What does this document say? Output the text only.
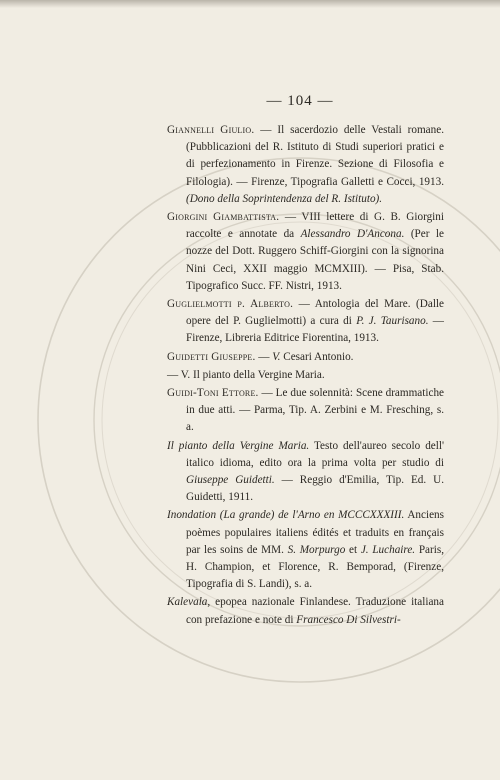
— 104 —

Giannelli Giulio. — Il sacerdozio delle Vestali romane. (Pubblicazioni del R. Istituto di Studi superiori pratici e di perfezionamento in Firenze. Sezione di Filosofia e Filologia). — Firenze, Tipografia Galletti e Cocci, 1913. (Dono della Soprintendenza del R. Istituto).

Giorgini Giambattista. — VIII lettere di G. B. Giorgini raccolte e annotate da Alessandro D'Ancona. (Per le nozze del Dott. Ruggero Schiff-Giorgini con la signorina Nini Ceci, XXII maggio MCMXIII). — Pisa, Stab. Tipografico Succ. FF. Nistri, 1913.

Guglielmotti p. Alberto. — Antologia del Mare. (Dalle opere del P. Guglielmotti) a cura di P. J. Taurisano. — Firenze, Libreria Editrice Fiorentina, 1913.

Guidetti Giuseppe. — V. Cesari Antonio.

— V. Il pianto della Vergine Maria.

Guidi-Toni Ettore. — Le due solennità: Scene drammatiche in due atti. — Parma, Tip. A. Zerbini e M. Fresching, s. a.

Il pianto della Vergine Maria. Testo dell'aureo secolo dell' italico idioma, edito ora la prima volta per studio di Giuseppe Guidetti. — Reggio d'Emilia, Tip. Ed. U. Guidetti, 1911.

Inondation (La grande) de l'Arno en MCCCXXXIII. Anciens poèmes populaires italiens édités et traduits en français par les soins de MM. S. Morpurgo et J. Luchaire. Paris, H. Champion, et Florence, R. Bemporad, (Firenze, Tipografia di S. Landi), s. a.

Kalevala, epopea nazionale Finlandese. Traduzione italiana con prefazione e note di Francesco Di Silvestri-
